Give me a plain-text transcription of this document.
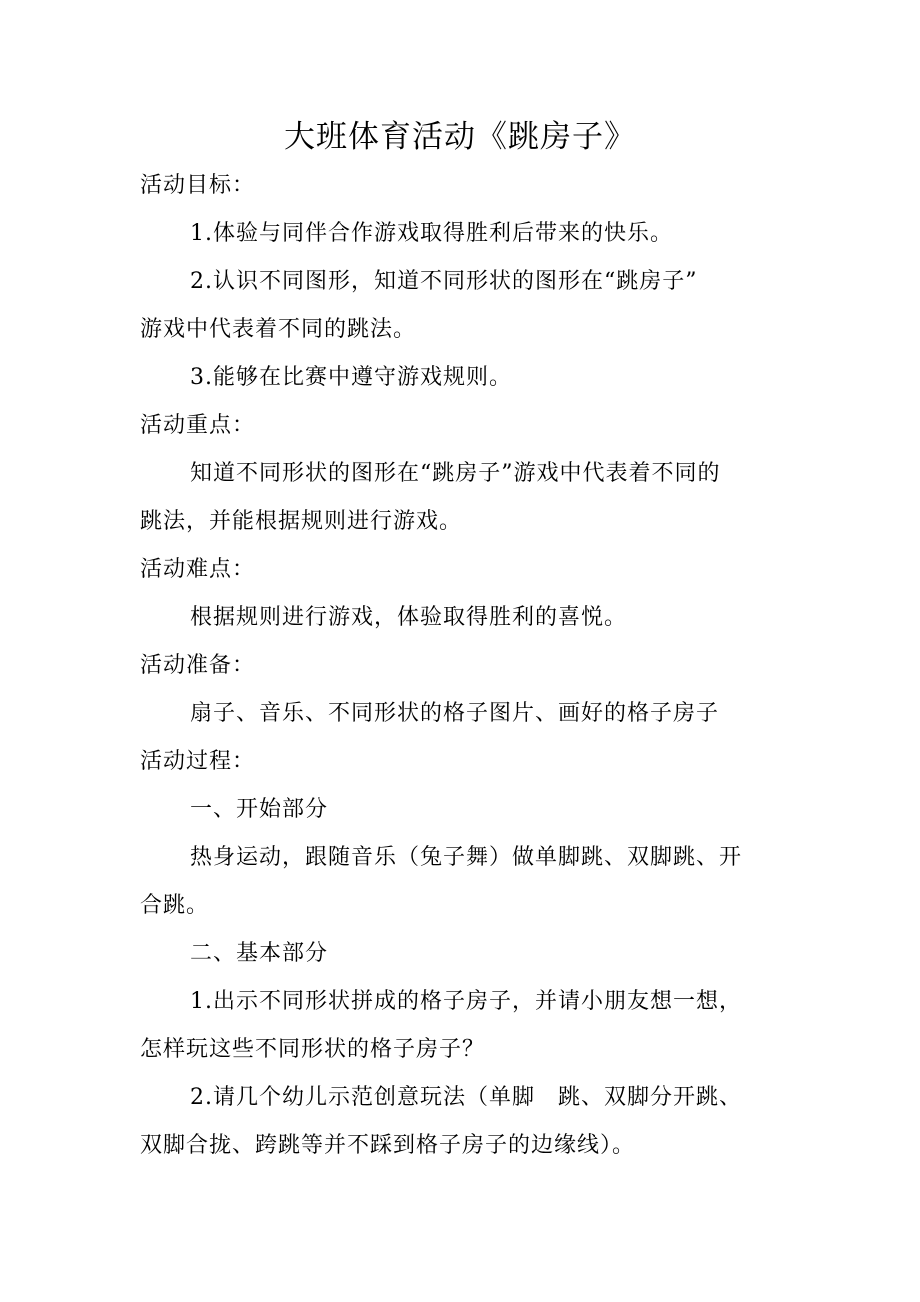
大班体育活动《跳房子》
活动目标：
1.体验与同伴合作游戏取得胜利后带来的快乐。
2.认识不同图形，知道不同形状的图形在“跳房子”
游戏中代表着不同的跳法。
3.能够在比赛中遵守游戏规则。
活动重点：
知道不同形状的图形在“跳房子”游戏中代表着不同的
跳法，并能根据规则进行游戏。
活动难点：
根据规则进行游戏，体验取得胜利的喜悦。
活动准备：
扇子、音乐、不同形状的格子图片、画好的格子房子
活动过程：
一、开始部分
热身运动，跟随音乐（兔子舞）做单脚跳、双脚跳、开
合跳。
二、基本部分
1.出示不同形状拼成的格子房子，并请小朋友想一想，
怎样玩这些不同形状的格子房子？
2.请几个幼儿示范创意玩法（单脚　跳、双脚分开跳、
双脚合拢、跨跳等并不踩到格子房子的边缘线）。
